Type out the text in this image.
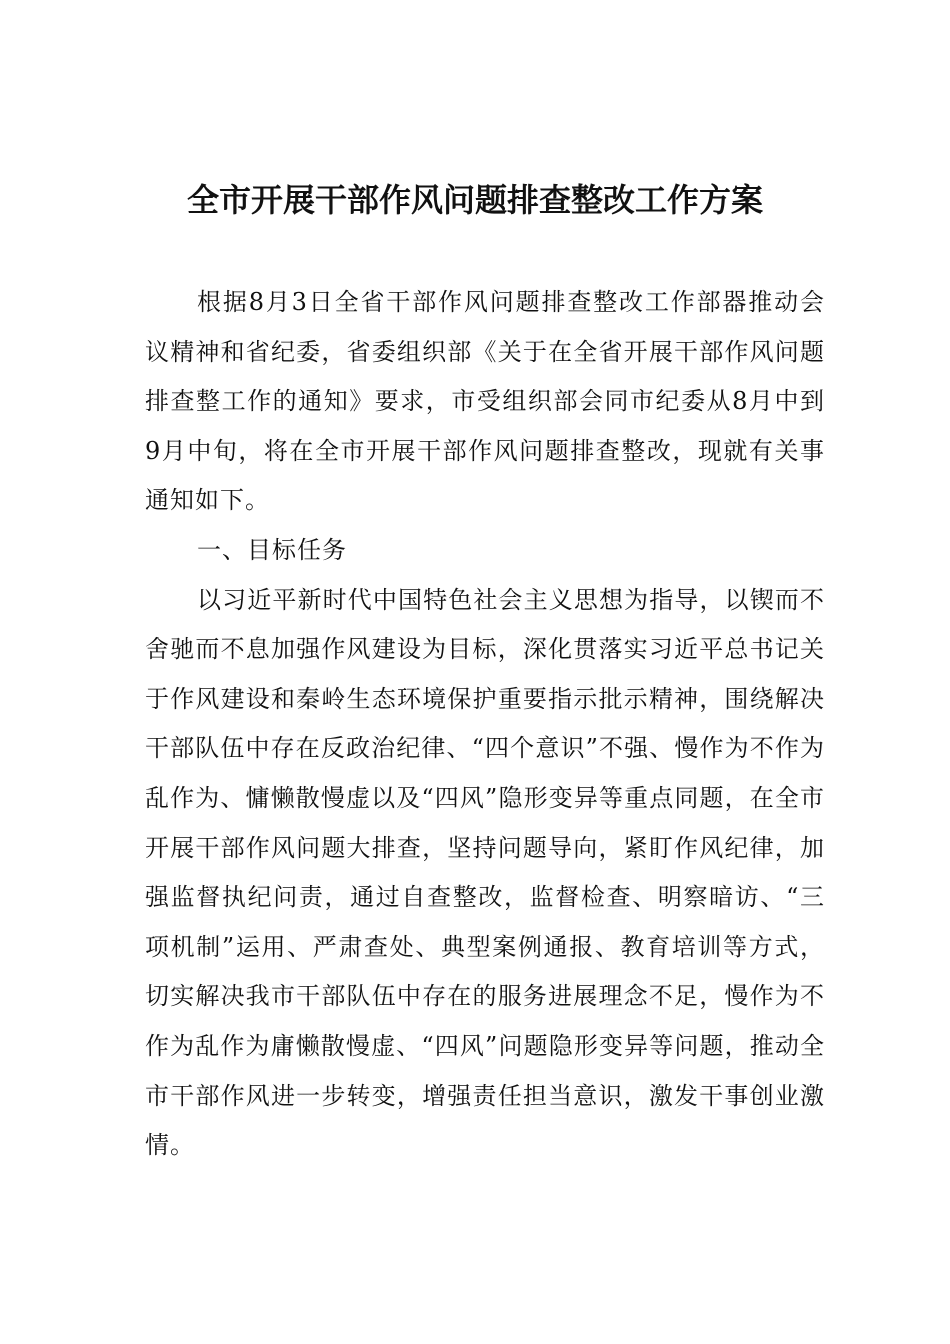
全市开展干部作风问题排查整改工作方案

根据8月3日全省干部作风问题排查整改工作部器推动会议精神和省纪委，省委组织部《关于在全省开展干部作风问题排查整工作的通知》要求，市受组织部会同市纪委从8月中到9月中旬，将在全市开展干部作风问题排查整改，现就有关事通知如下。

一、目标任务

以习近平新时代中国特色社会主义思想为指导，以锲而不舍驰而不息加强作风建设为目标，深化贯落实习近平总书记关于作风建设和秦岭生态环境保护重要指示批示精神，围绕解决干部队伍中存在反政治纪律、“四个意识”不强、慢作为不作为乱作为、慵懒散慢虚以及“四风”隐形变异等重点同题，在全市开展干部作风问题大排查，坚持问题导向，紧盯作风纪律，加强监督执纪问责，通过自查整改，监督检查、明察暗访、“三项机制”运用、严肃查处、典型案例通报、教育培训等方式，切实解决我市干部队伍中存在的服务进展理念不足，慢作为不作为乱作为庸懒散慢虚、“四风”问题隐形变异等问题，推动全市干部作风进一步转变，增强责任担当意识，激发干事创业激情。
